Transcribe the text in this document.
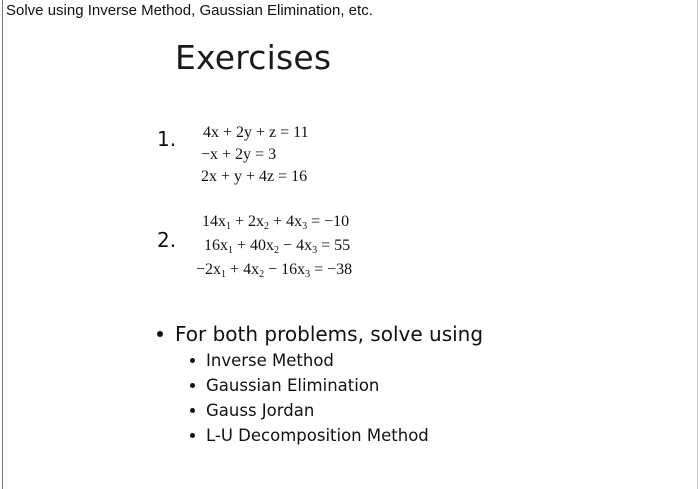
Solve using Inverse Method, Gaussian Elimination, etc.
Exercises
1. 4x + 2y + z = 11
−x + 2y = 3
2x + y + 4z = 16
2.
$14x_1 + 2x_2 + 4x_3 = -10$
$16x_1 + 40x_2 - 4x_3 = 55$
$-2x_1 + 4x_2 - 16x_3 = -38$
For both problems, solve using
Inverse Method
Gaussian Elimination
Gauss Jordan
L-U Decomposition Method
